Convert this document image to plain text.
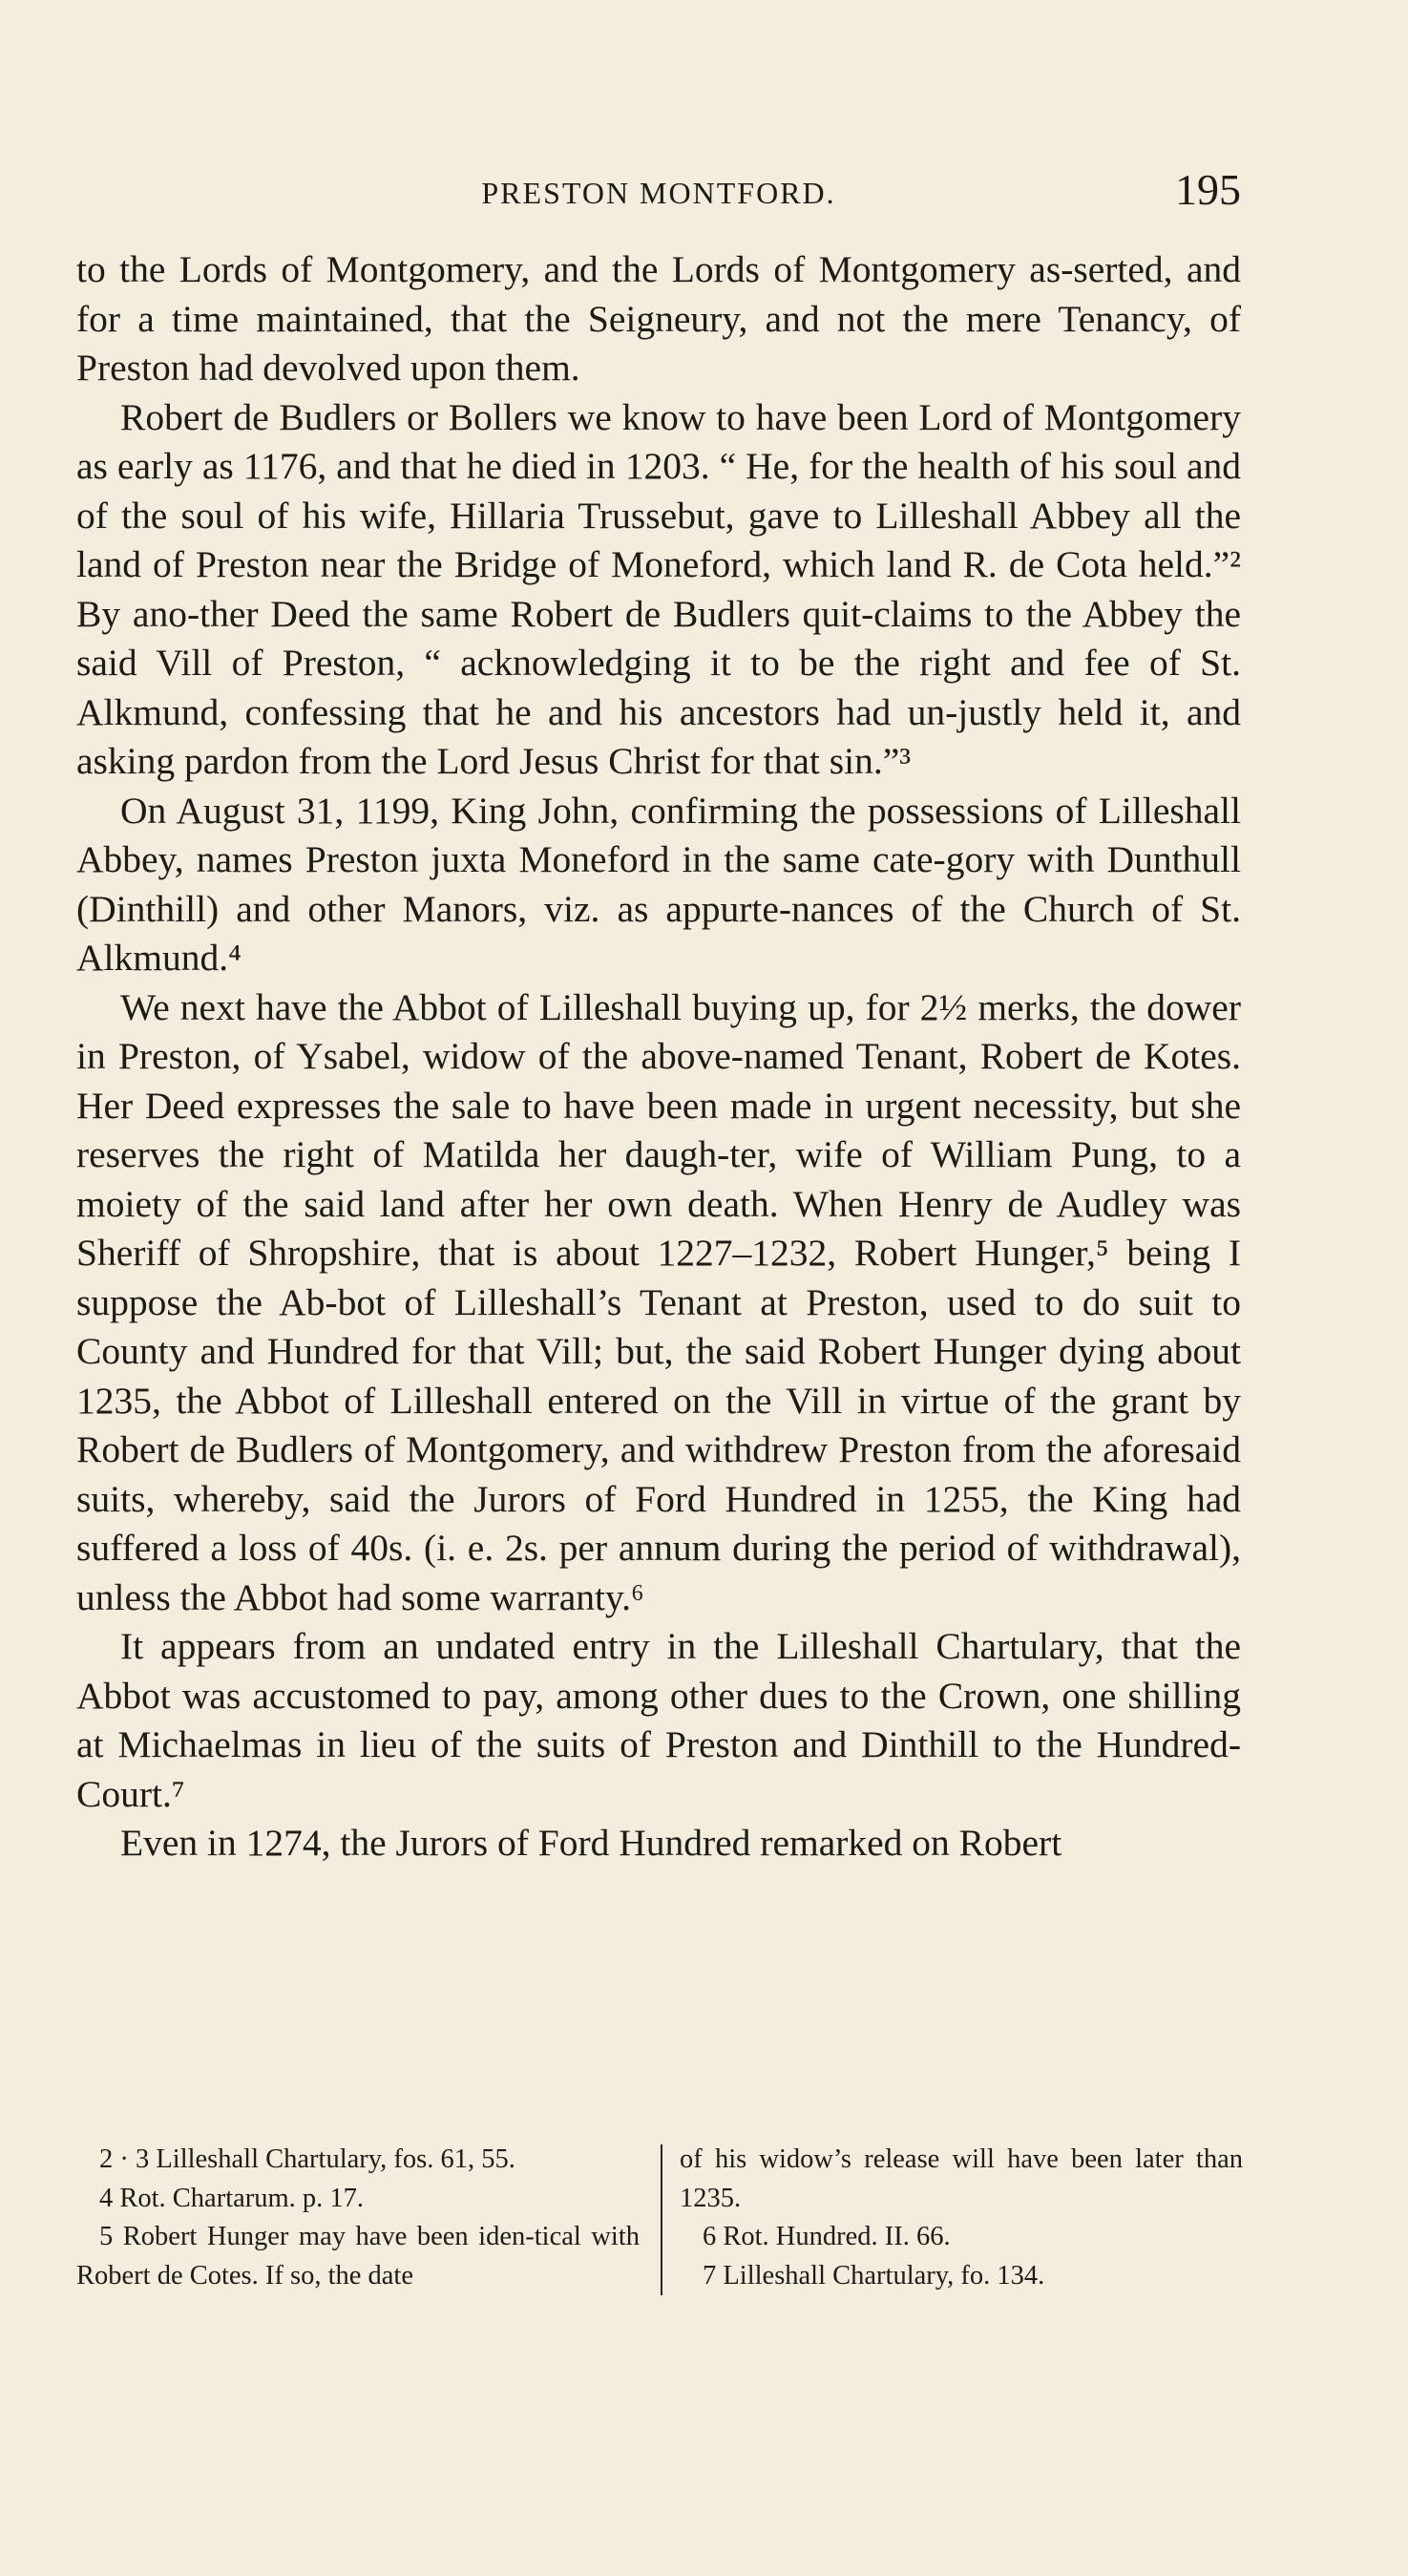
PRESTON MONTFORD.	195

to the Lords of Montgomery, and the Lords of Montgomery as-serted, and for a time maintained, that the Seigneury, and not the mere Tenancy, of Preston had devolved upon them.

Robert de Budlers or Bollers we know to have been Lord of Montgomery as early as 1176, and that he died in 1203. “ He, for the health of his soul and of the soul of his wife, Hillaria Trussebut, gave to Lilleshall Abbey all the land of Preston near the Bridge of Moneford, which land R. de Cota held.”² By ano-ther Deed the same Robert de Budlers quit-claims to the Abbey the said Vill of Preston, “ acknowledging it to be the right and fee of St. Alkmund, confessing that he and his ancestors had un-justly held it, and asking pardon from the Lord Jesus Christ for that sin.”³

On August 31, 1199, King John, confirming the possessions of Lilleshall Abbey, names Preston juxta Moneford in the same cate-gory with Dunthull (Dinthill) and other Manors, viz. as appurte-nances of the Church of St. Alkmund.⁴

We next have the Abbot of Lilleshall buying up, for 2½ merks, the dower in Preston, of Ysabel, widow of the above-named Tenant, Robert de Kotes. Her Deed expresses the sale to have been made in urgent necessity, but she reserves the right of Matilda her daugh-ter, wife of William Pung, to a moiety of the said land after her own death. When Henry de Audley was Sheriff of Shropshire, that is about 1227–1232, Robert Hunger,⁵ being I suppose the Ab-bot of Lilleshall’s Tenant at Preston, used to do suit to County and Hundred for that Vill; but, the said Robert Hunger dying about 1235, the Abbot of Lilleshall entered on the Vill in virtue of the grant by Robert de Budlers of Montgomery, and withdrew Preston from the aforesaid suits, whereby, said the Jurors of Ford Hundred in 1255, the King had suffered a loss of 40s. (i. e. 2s. per annum during the period of withdrawal), unless the Abbot had some warranty.⁶

It appears from an undated entry in the Lilleshall Chartulary, that the Abbot was accustomed to pay, among other dues to the Crown, one shilling at Michaelmas in lieu of the suits of Preston and Dinthill to the Hundred-Court.⁷

Even in 1274, the Jurors of Ford Hundred remarked on Robert

2 · 3 Lilleshall Chartulary, fos. 61, 55.

4 Rot. Chartarum. p. 17.

5 Robert Hunger may have been iden-tical with Robert de Cotes. If so, the date

of his widow’s release will have been later than 1235.

6 Rot. Hundred. II. 66.

7 Lilleshall Chartulary, fo. 134.
